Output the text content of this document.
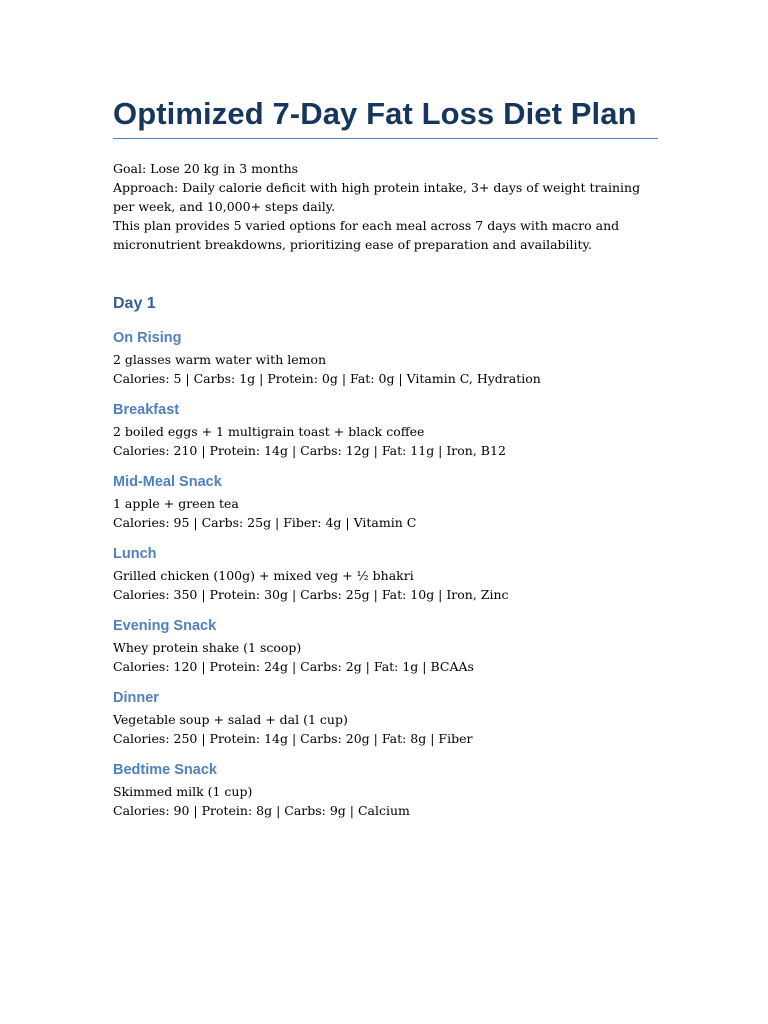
Optimized 7-Day Fat Loss Diet Plan

Goal: Lose 20 kg in 3 months

Approach: Daily calorie deficit with high protein intake, 3+ days of weight training per week, and 10,000+ steps daily.

This plan provides 5 varied options for each meal across 7 days with macro and micronutrient breakdowns, prioritizing ease of preparation and availability.

Day 1
On Rising

2 glasses warm water with lemon

Calories: 5 | Carbs: 1g | Protein: 0g | Fat: 0g | Vitamin C, Hydration

Breakfast

2 boiled eggs + 1 multigrain toast + black coffee

Calories: 210 | Protein: 14g | Carbs: 12g | Fat: 11g | Iron, B12

Mid-Meal Snack

1 apple + green tea

Calories: 95 | Carbs: 25g | Fiber: 4g | Vitamin C

Lunch

Grilled chicken (100g) + mixed veg + ½ bhakri

Calories: 350 | Protein: 30g | Carbs: 25g | Fat: 10g | Iron, Zinc

Evening Snack

Whey protein shake (1 scoop)

Calories: 120 | Protein: 24g | Carbs: 2g | Fat: 1g | BCAAs

Dinner

Vegetable soup + salad + dal (1 cup)

Calories: 250 | Protein: 14g | Carbs: 20g | Fat: 8g | Fiber

Bedtime Snack

Skimmed milk (1 cup)

Calories: 90 | Protein: 8g | Carbs: 9g | Calcium
